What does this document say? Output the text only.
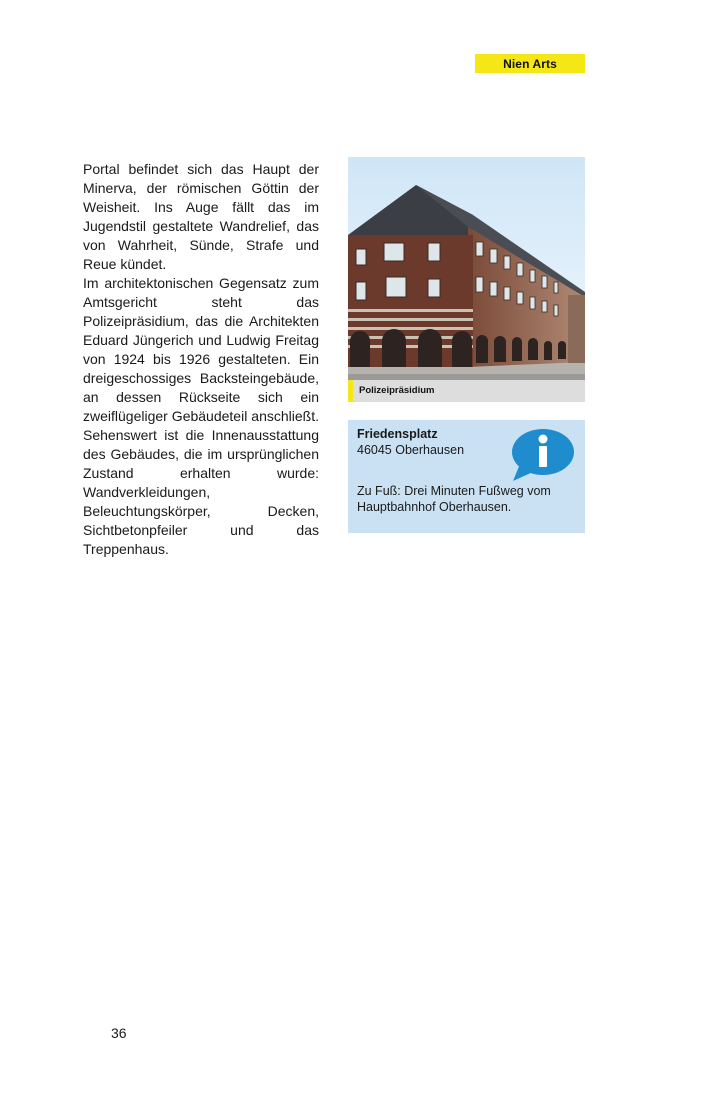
Nien Arts

Portal befindet sich das Haupt der Minerva, der römischen Göttin der Weisheit. Ins Auge fällt das im Jugendstil gestaltete Wandrelief, das von Wahrheit, Sünde, Strafe und Reue kündet.

Im architektonischen Gegensatz zum Amtsgericht steht das Polizeipräsidium, das die Architekten Eduard Jüngerich und Ludwig Freitag von 1924 bis 1926 gestalteten. Ein dreigeschossiges Backsteingebäude, an dessen Rückseite sich ein zweiflügeliger Gebäudeteil anschließt. Sehenswert ist die Innenausstattung des Gebäudes, die im ursprünglichen Zustand erhalten wurde: Wandverkleidungen, Beleuchtungskörper, Decken, Sichtbetonpfeiler und das Treppenhaus.

Polizeipräsidium
Friedensplatz
46045 Oberhausen
Zu Fuß: Drei Minuten Fußweg vom Hauptbahnhof Oberhausen.
36
